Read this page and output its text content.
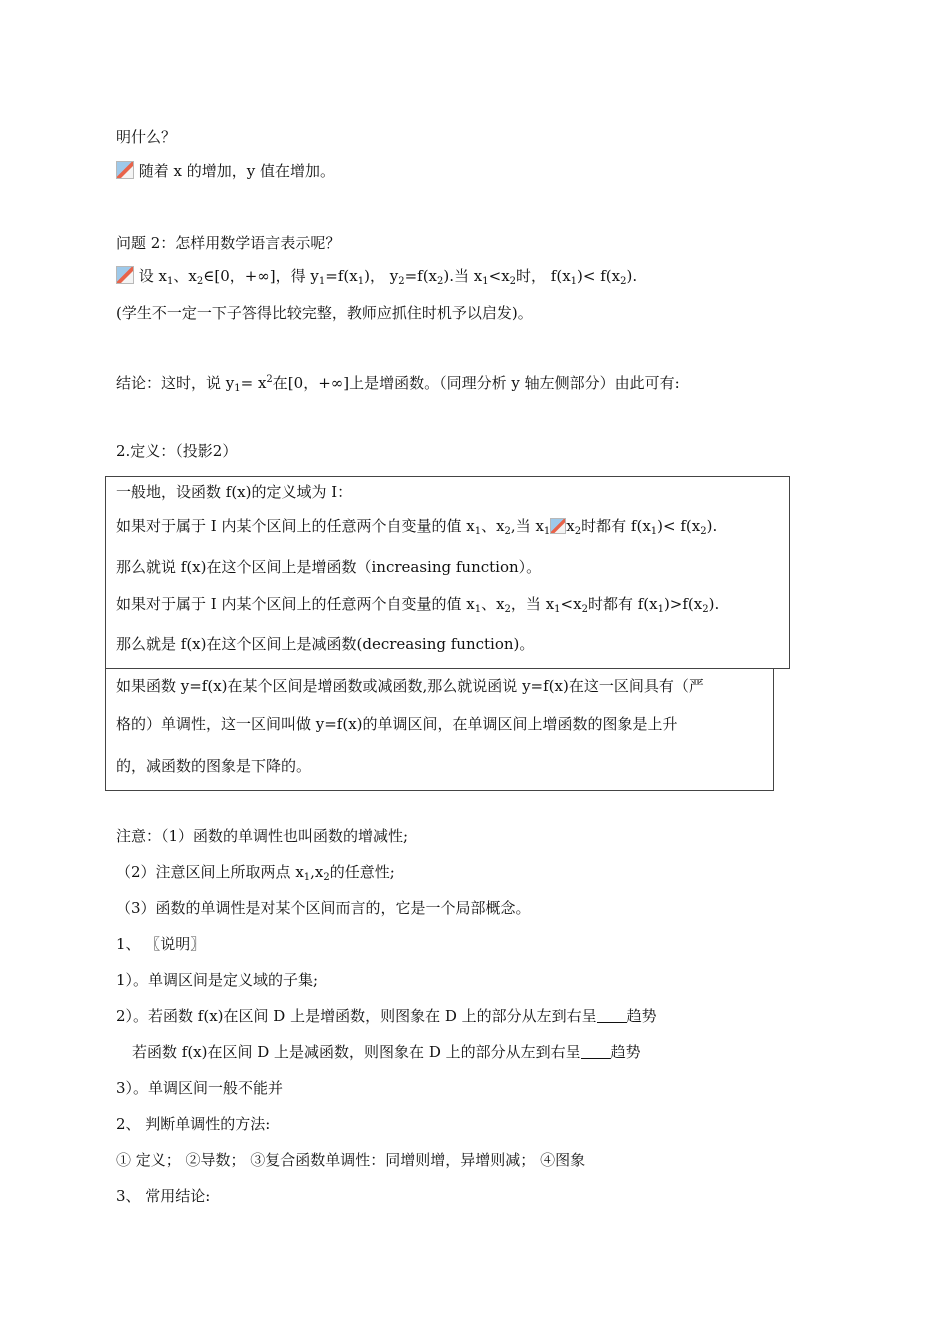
明什么？
随着 x 的增加，y 值在增加。
问题 2：怎样用数学语言表示呢？
设 $x_1$、$x_2\in[0$，+∞]，得 $y_1=f(x_1)$， $y_2=f(x_2)$.当 $x_1<x_2$时， $f(x_1)< f(x_2)$.
(学生不一定一下子答得比较完整，教师应抓住时机予以启发)。
结论：这时，说 $y_1= x^2$在[0，+∞]上是增函数。（同理分析 y 轴左侧部分）由此可有:
2.定义：（投影2）
一般地，设函数 f(x)的定义域为 I：
如果对于属于 I 内某个区间上的任意两个自变量的值 $x_1$、$x_2$,当 $x_1$ $x_2$时都有 $f(x_1)< f(x_2)$.
那么就说 f(x)在这个区间上是增函数（increasing function）。
如果对于属于 I 内某个区间上的任意两个自变量的值 $x_1$、$x_2$，当 $x_1<x_2$时都有 $f(x_1)>f(x_2)$.
那么就是 f(x)在这个区间上是减函数(decreasing function)。
如果函数 y=f(x)在某个区间是增函数或减函数,那么就说函说 y=f(x)在这一区间具有（严
格的）单调性，这一区间叫做 y=f(x)的单调区间，在单调区间上增函数的图象是上升
的，减函数的图象是下降的。
注意：（1）函数的单调性也叫函数的增减性;
（2）注意区间上所取两点 $x_1,x_2$的任意性;
（3）函数的单调性是对某个区间而言的，它是一个局部概念。
1、 〖说明〗
1）。单调区间是定义域的子集;
2）。若函数 f(x)在区间 D 上是增函数，则图象在 D 上的部分从左到右呈 趋势
若函数 f(x)在区间 D 上是减函数，则图象在 D 上的部分从左到右呈 趋势
3）。单调区间一般不能并
2、 判断单调性的方法:
① 定义； ②导数； ③复合函数单调性：同增则增，异增则减； ④图象
3、 常用结论:
